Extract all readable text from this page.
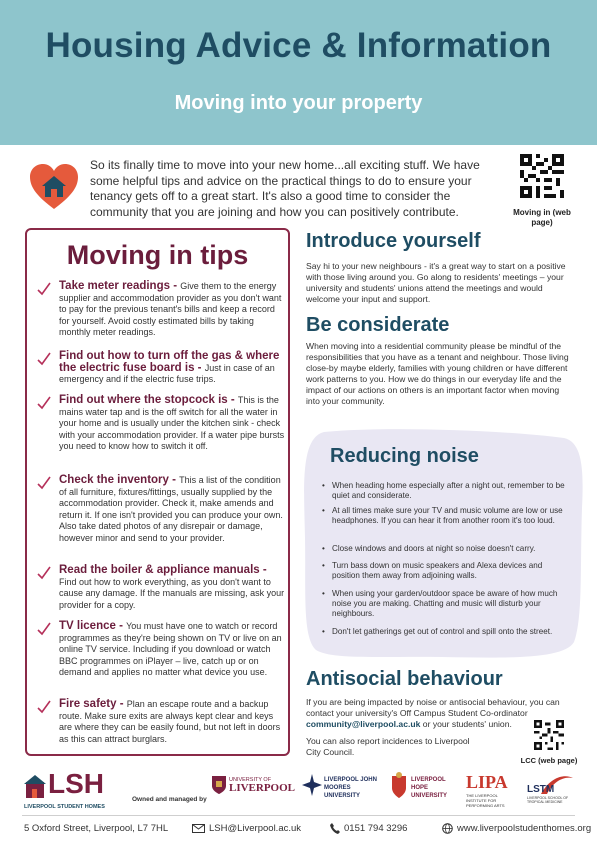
Housing Advice & Information
Moving into your property
So its finally time to move into your new home...all exciting stuff. We have some helpful tips and advice on the practical things to do to ensure your tenancy gets off to a great start. It's also a good time to consider the community that you are joining and how you can positively contribute.	Moving in (web page)
Moving in tips
Take meter readings - Give them to the energy supplier and accommodation provider as you don't want to pay for the previous tenant's bills and keep a record for yourself. Avoid costly estimated bills by taking monthly meter readings.
Find out how to turn off the gas & where the electric fuse board is - Just in case of an emergency and if the electric fuse trips.
Find out where the stopcock is - This is the mains water tap and is the off switch for all the water in your home and is usually under the kitchen sink - check with your accommodation provider. If a water pipe bursts you need to know how to switch it off.
Check the inventory - This a list of the condition of all furniture, fixtures/fittings, usually supplied by the accommodation provider. Check it, make amends and return it. If one isn't provided you can produce your own. Also take dated photos of any disrepair or damage, however minor and send to your provider.
Read the boiler & appliance manuals - Find out how to work everything, as you don't want to cause any damage. If the manuals are missing, ask your provider for a copy.
TV licence - You must have one to watch or record programmes as they're being shown on TV or live on an online TV service. Including if you download or watch BBC programmes on iPlayer – live, catch up or on demand and applies no matter what device you use.
Fire safety - Plan an escape route and a backup route. Make sure exits are always kept clear and keys are where they can be easily found, but not left in doors as this can attract burglars.
Introduce yourself
Say hi to your new neighbours - it's a great way to start on a positive with those living around you. Go along to residents' meetings – your university and students' unions attend the meetings and would welcome your input and support.
Be considerate
When moving into a residential community please be mindful of the responsibilities that you have as a tenant and neighbour. Those living close-by maybe elderly, families with young children or have different work patterns to you. How we do things in our everyday life and the impact of our actions on others is an important factor when moving into your community.
Reducing noise
• When heading home especially after a night out, remember to be quiet and considerate.
• At all times make sure your TV and music volume are low or use headphones. If you can hear it from another room it's too loud.
• Close windows and doors at night so noise doesn't carry.
• Turn bass down on music speakers and Alexa devices and position them away from adjoining walls.
• When using your garden/outdoor space be aware of how much noise you are making. Chatting and music will disturb your neighbours.
• Don't let gatherings get out of control and spill onto the street.
Antisocial behaviour
If you are being impacted by noise or antisocial behaviour, you can contact your university's Off Campus Student Co-ordinator community@liverpool.ac.uk or your students' union.
You can also report incidences to Liverpool City Council.
LCC (web page)
LSH
LIVERPOOL STUDENT HOMES
Owned and managed by
UNIVERSITY OF
LIVERPOOL
LIVERPOOL JOHN MOORES UNIVERSITY
LIVERPOOL HOPE UNIVERSITY
LIPA
THE LIVERPOOL INSTITUTE FOR PERFORMING ARTS
LSTM
LIVERPOOL SCHOOL OF TROPICAL MEDICINE
5 Oxford Street, Liverpool, L7 7HL	LSH@Liverpool.ac.uk	0151 794 3296	www.liverpoolstudenthomes.org
